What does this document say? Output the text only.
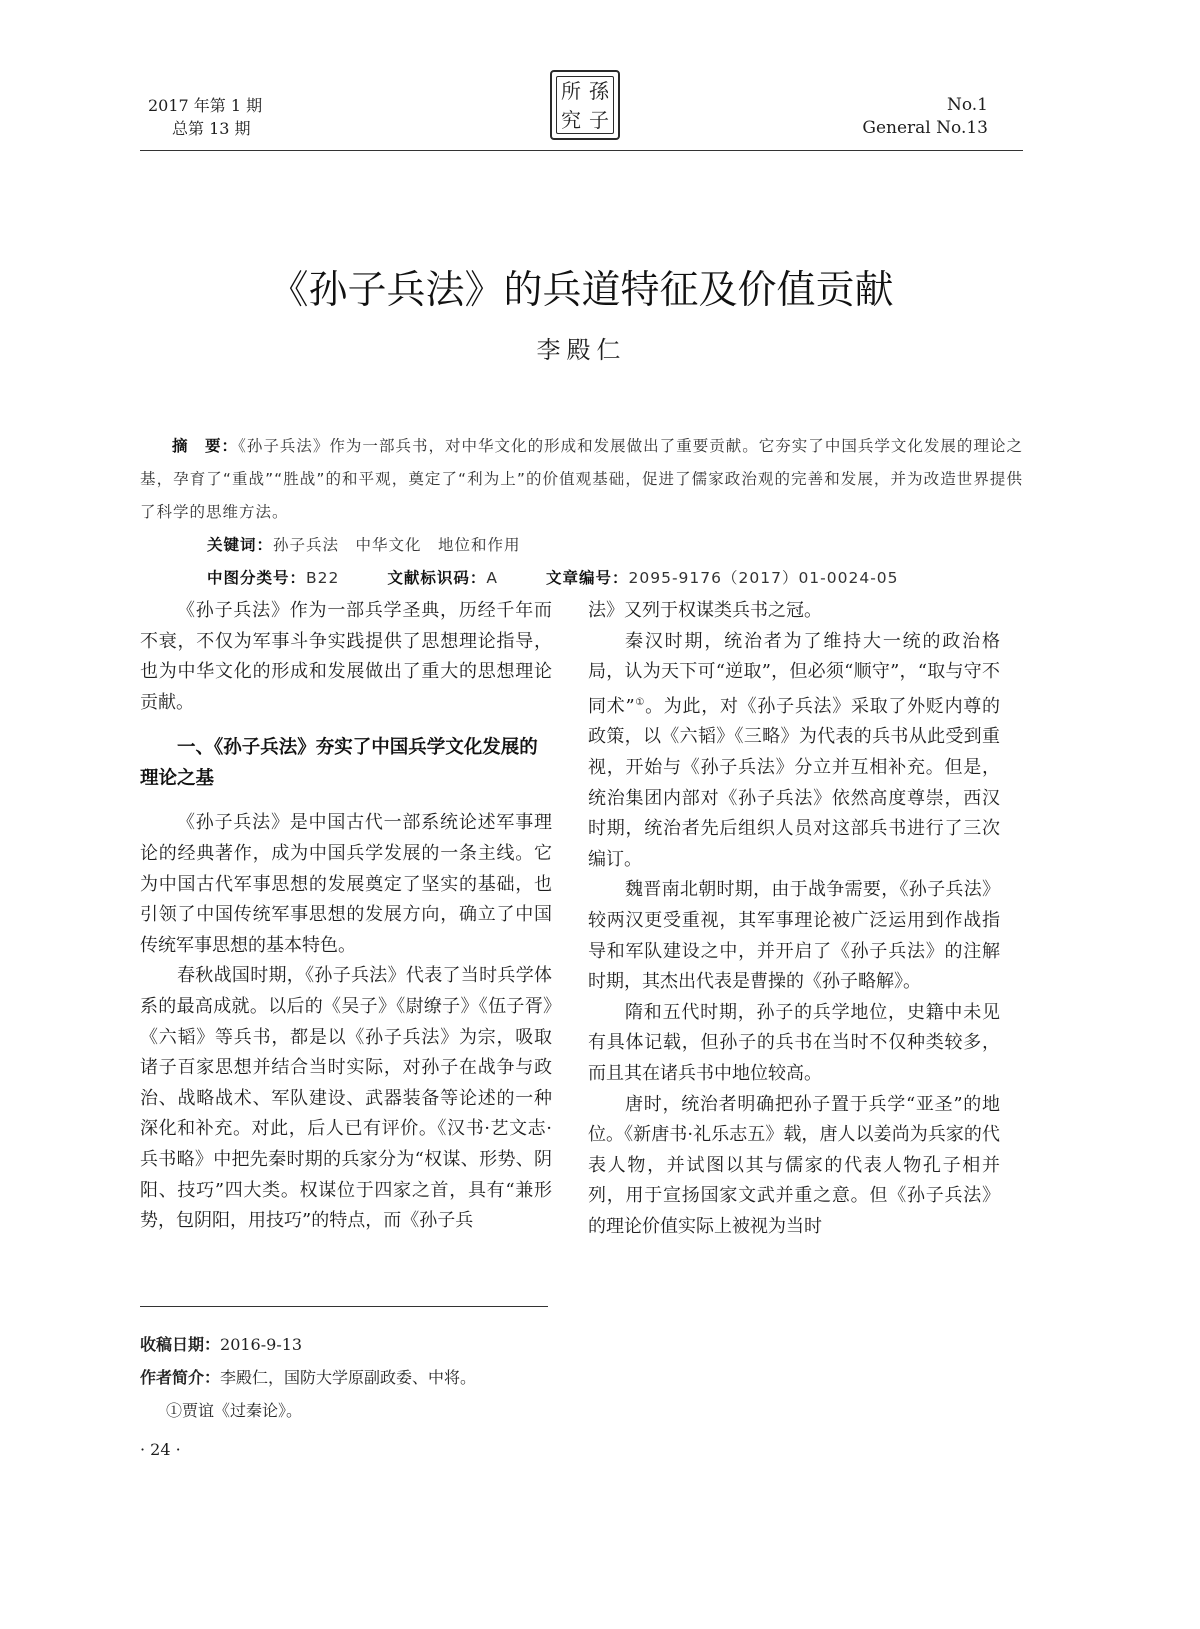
2017 年第 1 期
总第 13 期
所 孫
究 子
No.1
General No.13
《孙子兵法》的兵道特征及价值贡献
李殿仁

摘　要：《孙子兵法》作为一部兵书，对中华文化的形成和发展做出了重要贡献。它夯实了中国兵学文化发展的理论之基，孕育了“重战”“胜战”的和平观，奠定了“利为上”的价值观基础，促进了儒家政治观的完善和发展，并为改造世界提供了科学的思维方法。

关键词：孙子兵法　中华文化　地位和作用

中图分类号：B22	文献标识码：A	文章编号：2095-9176（2017）01-0024-05

《孙子兵法》作为一部兵学圣典，历经千年而不衰，不仅为军事斗争实践提供了思想理论指导，也为中华文化的形成和发展做出了重大的思想理论贡献。

一、《孙子兵法》夯实了中国兵学文化发展的理论之基

《孙子兵法》是中国古代一部系统论述军事理论的经典著作，成为中国兵学发展的一条主线。它为中国古代军事思想的发展奠定了坚实的基础，也引领了中国传统军事思想的发展方向，确立了中国传统军事思想的基本特色。

春秋战国时期，《孙子兵法》代表了当时兵学体系的最高成就。以后的《吴子》《尉缭子》《伍子胥》《六韬》等兵书，都是以《孙子兵法》为宗，吸取诸子百家思想并结合当时实际，对孙子在战争与政治、战略战术、军队建设、武器装备等论述的一种深化和补充。对此，后人已有评价。《汉书·艺文志·兵书略》中把先秦时期的兵家分为“权谋、形势、阴阳、技巧”四大类。权谋位于四家之首，具有“兼形势，包阴阳，用技巧”的特点，而《孙子兵

法》又列于权谋类兵书之冠。

秦汉时期，统治者为了维持大一统的政治格局，认为天下可“逆取”，但必须“顺守”，“取与守不同术”①。为此，对《孙子兵法》采取了外贬内尊的政策，以《六韬》《三略》为代表的兵书从此受到重视，开始与《孙子兵法》分立并互相补充。但是，统治集团内部对《孙子兵法》依然高度尊崇，西汉时期，统治者先后组织人员对这部兵书进行了三次编订。

魏晋南北朝时期，由于战争需要，《孙子兵法》较两汉更受重视，其军事理论被广泛运用到作战指导和军队建设之中，并开启了《孙子兵法》的注解时期，其杰出代表是曹操的《孙子略解》。

隋和五代时期，孙子的兵学地位，史籍中未见有具体记载，但孙子的兵书在当时不仅种类较多，而且其在诸兵书中地位较高。

唐时，统治者明确把孙子置于兵学“亚圣”的地位。《新唐书·礼乐志五》载，唐人以姜尚为兵家的代表人物，并试图以其与儒家的代表人物孔子相并列，用于宣扬国家文武并重之意。但《孙子兵法》的理论价值实际上被视为当时

收稿日期：2016-9-13
作者简介：李殿仁，国防大学原副政委、中将。
①贾谊《过秦论》。
· 24 ·
